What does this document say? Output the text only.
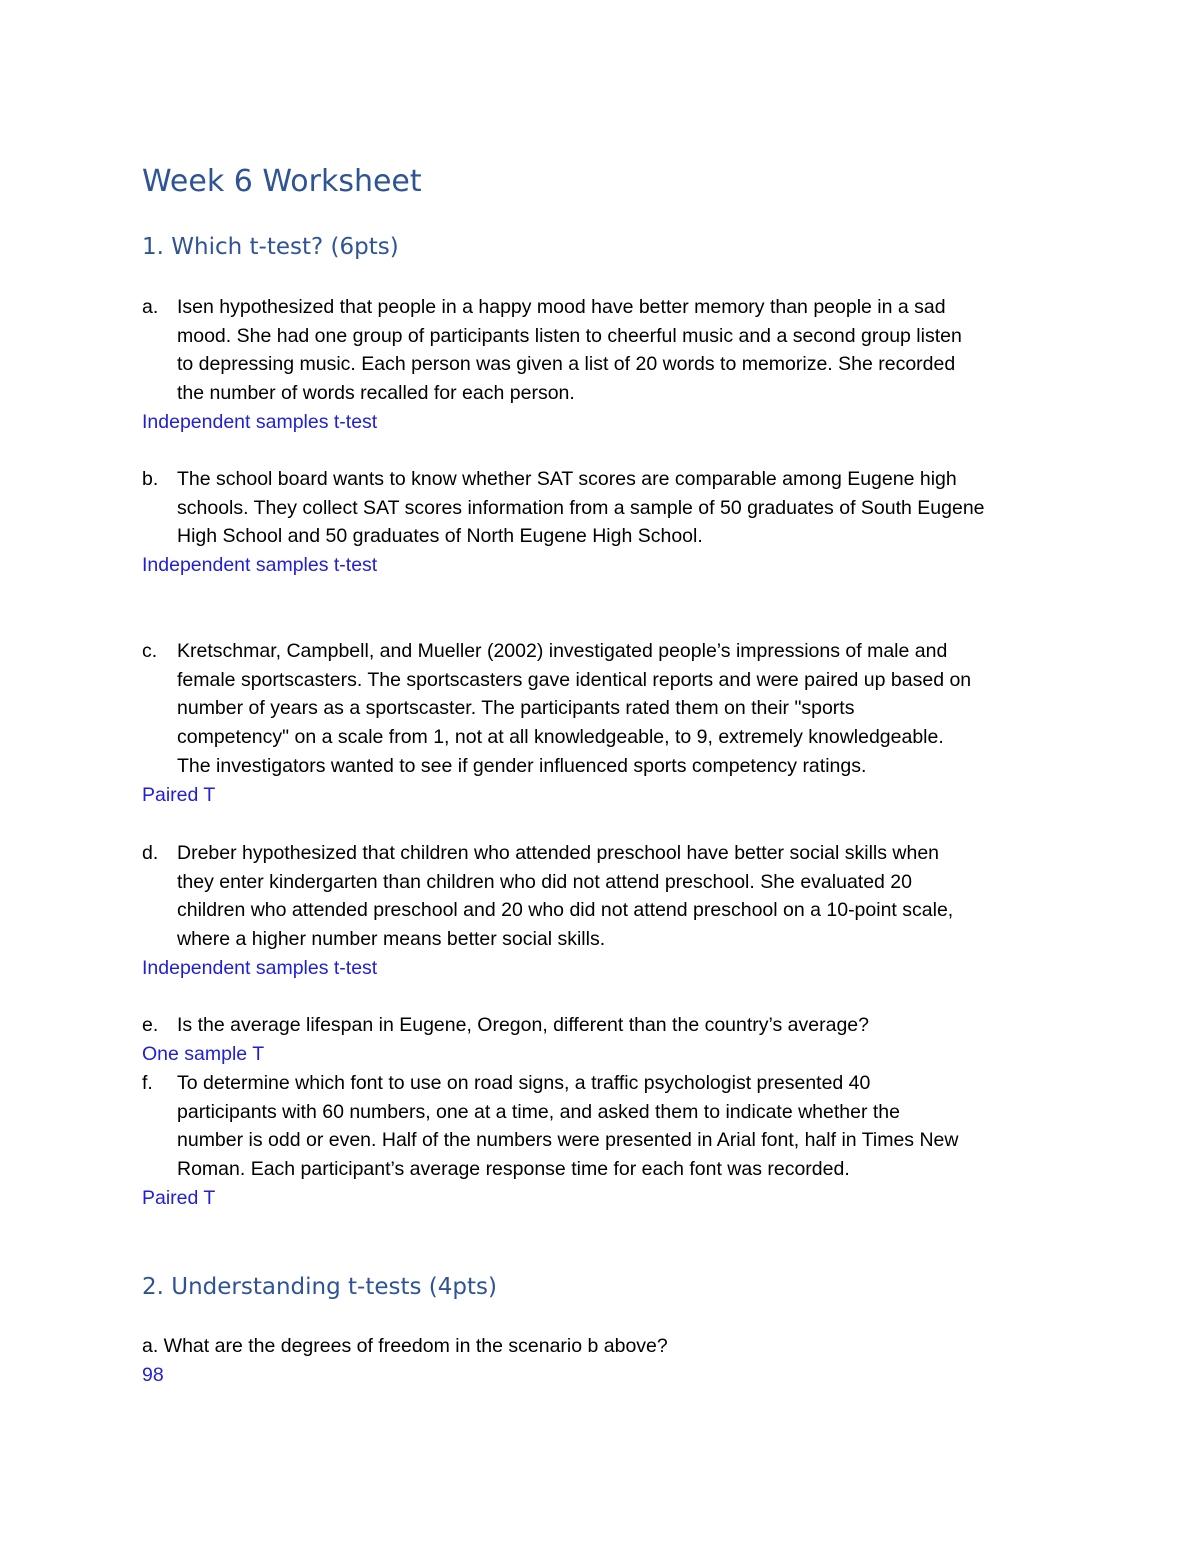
Week 6 Worksheet
1. Which t-test? (6pts)
a. Isen hypothesized that people in a happy mood have better memory than people in a sad
mood. She had one group of participants listen to cheerful music and a second group listen
to depressing music. Each person was given a list of 20 words to memorize. She recorded
the number of words recalled for each person.
Independent samples t-test
b. The school board wants to know whether SAT scores are comparable among Eugene high
schools. They collect SAT scores information from a sample of 50 graduates of South Eugene
High School and 50 graduates of North Eugene High School.
Independent samples t-test
c.	Kretschmar, Campbell, and Mueller (2002) investigated people’s impressions of male and
female sportscasters. The sportscasters gave identical reports and were paired up based on
number of years as a sportscaster. The participants rated them on their "sports
competency" on a scale from 1, not at all knowledgeable, to 9, extremely knowledgeable.
The investigators wanted to see if gender influenced sports competency ratings.
Paired T
d. Dreber hypothesized that children who attended preschool have better social skills when
they enter kindergarten than children who did not attend preschool. She evaluated 20
children who attended preschool and 20 who did not attend preschool on a 10-point scale,
where a higher number means better social skills.
Independent samples t-test
e. Is the average lifespan in Eugene, Oregon, different than the country’s average?
One sample T
f.	To determine which font to use on road signs, a traffic psychologist presented 40
participants with 60 numbers, one at a time, and asked them to indicate whether the
number is odd or even. Half of the numbers were presented in Arial font, half in Times New
Roman. Each participant’s average response time for each font was recorded.
Paired T
2. Understanding t-tests (4pts)
a. What are the degrees of freedom in the scenario b above?
98
